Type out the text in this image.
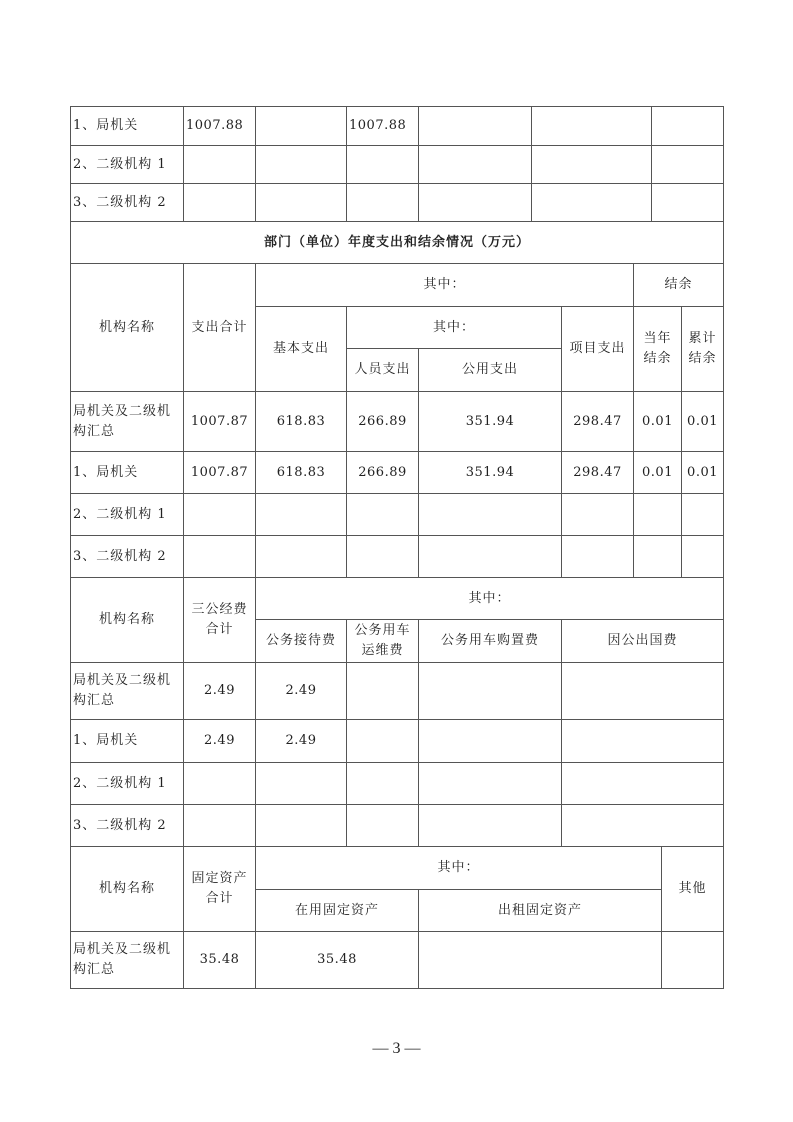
1、局机关	1007.88		1007.88			
2、二级机构 1						
3、二级机构 2						
部门（单位）年度支出和结余情况（万元）						
机构名称	支出合计	其中：				结余	
		基本支出	其中：		项目支出	当年结余	累计结余
			人员支出	公用支出			
局机关及二级机构汇总	1007.87	618.83	266.89	351.94	298.47	0.01	0.01
1、局机关	1007.87	618.83	266.89	351.94	298.47	0.01	0.01
2、二级机构 1							
3、二级机构 2							
机构名称	三公经费合计	其中：			
		公务接待费	公务用车运维费	公务用车购置费	因公出国费
局机关及二级机构汇总	2.49	2.49			
1、局机关	2.49	2.49			
2、二级机构 1					
3、二级机构 2					
机构名称	固定资产合计	其中：		其他
		在用固定资产	出租固定资产	
局机关及二级机构汇总	35.48	35.48		
— 3 —
